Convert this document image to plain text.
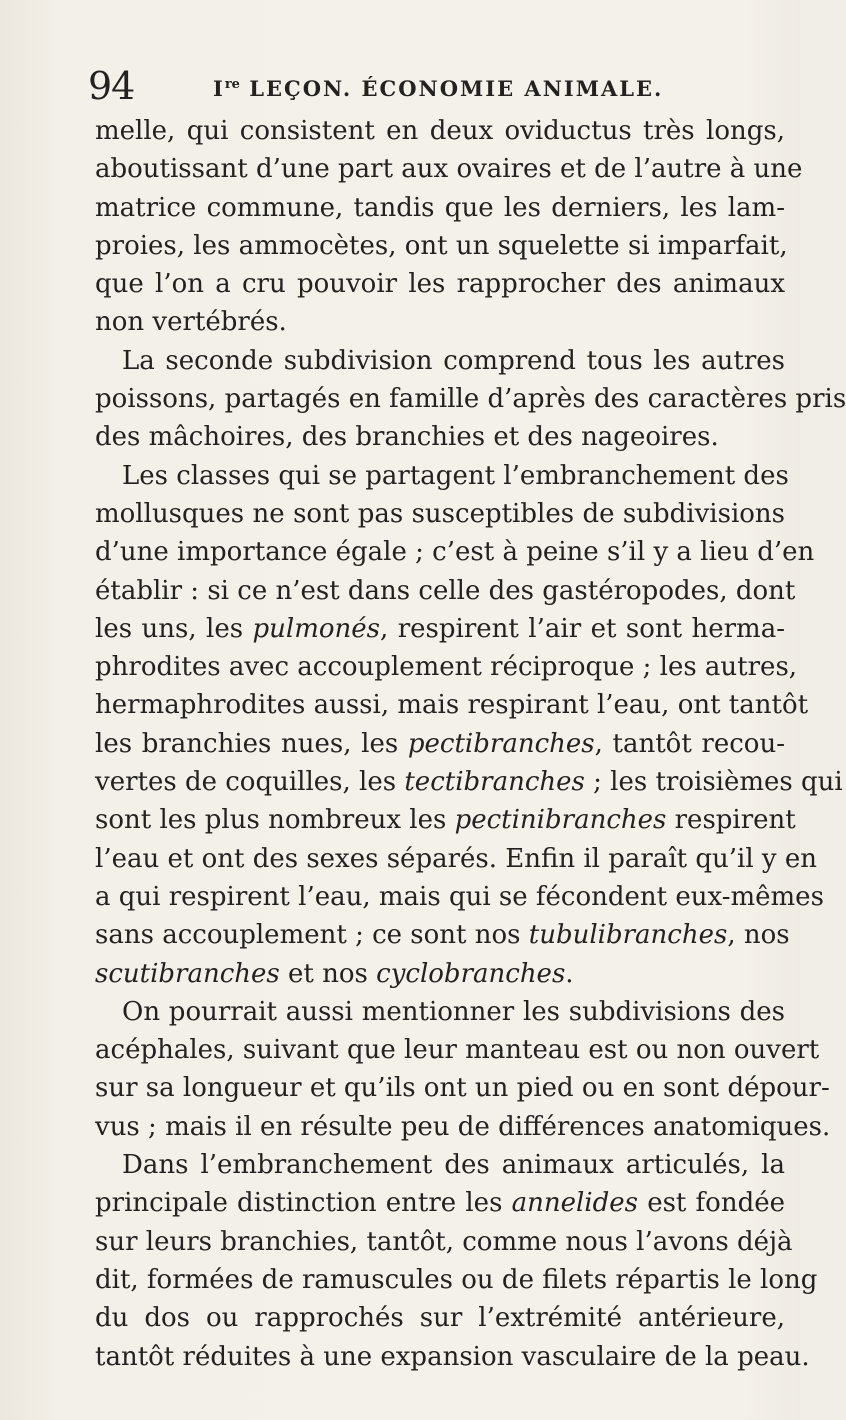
94	Ire LEÇON. ÉCONOMIE ANIMALE.
melle, qui consistent en deux oviductus très longs,
aboutissant d’une part aux ovaires et de l’autre à une
matrice commune, tandis que les derniers, les lam-
proies, les ammocètes, ont un squelette si imparfait,
que l’on a cru pouvoir les rapprocher des animaux
non vertébrés.
La seconde subdivision comprend tous les autres
poissons, partagés en famille d’après des caractères pris
des mâchoires, des branchies et des nageoires.
Les classes qui se partagent l’embranchement des
mollusques ne sont pas susceptibles de subdivisions
d’une importance égale ; c’est à peine s’il y a lieu d’en
établir : si ce n’est dans celle des gastéropodes, dont
les uns, les pulmonés, respirent l’air et sont herma-
phrodites avec accouplement réciproque ; les autres,
hermaphrodites aussi, mais respirant l’eau, ont tantôt
les branchies nues, les pectibranches, tantôt recou-
vertes de coquilles, les tectibranches ; les troisièmes qui
sont les plus nombreux les pectinibranches respirent
l’eau et ont des sexes séparés. Enfin il paraît qu’il y en
a qui respirent l’eau, mais qui se fécondent eux-mêmes
sans accouplement ; ce sont nos tubulibranches, nos
scutibranches et nos cyclobranches.
On pourrait aussi mentionner les subdivisions des
acéphales, suivant que leur manteau est ou non ouvert
sur sa longueur et qu’ils ont un pied ou en sont dépour-
vus ; mais il en résulte peu de différences anatomiques.
Dans l’embranchement des animaux articulés, la
principale distinction entre les annelides est fondée
sur leurs branchies, tantôt, comme nous l’avons déjà
dit, formées de ramuscules ou de filets répartis le long
du dos ou rapprochés sur l’extrémité antérieure,
tantôt réduites à une expansion vasculaire de la peau.
